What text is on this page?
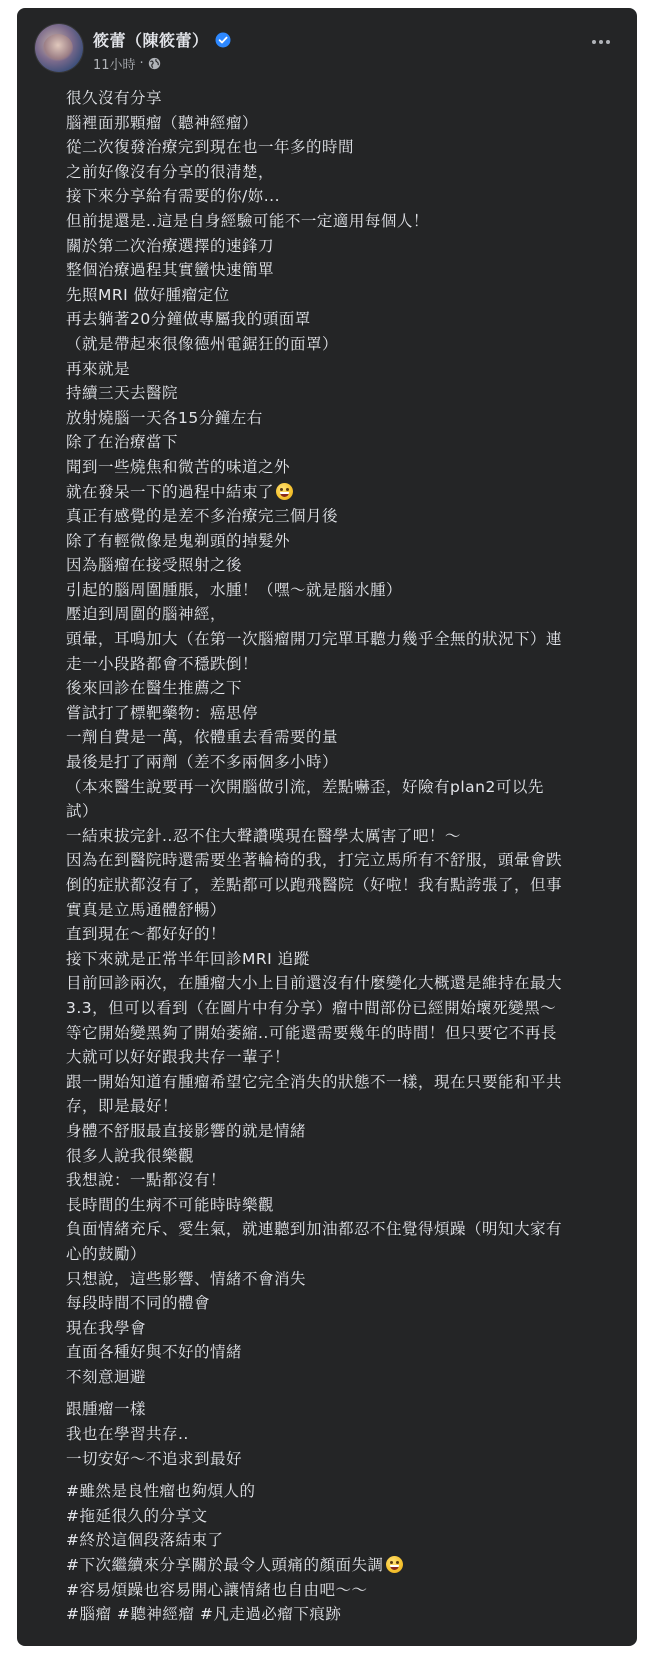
筱蕾（陳筱蕾）
11小時 ·
很久沒有分享
腦裡面那顆瘤（聽神經瘤）
從二次復發治療完到現在也一年多的時間
之前好像沒有分享的很清楚，
接下來分享給有需要的你/妳...
但前提還是..這是自身經驗可能不一定適用每個人！
關於第二次治療選擇的速鋒刀
整個治療過程其實蠻快速簡單
先照MRI 做好腫瘤定位
再去躺著20分鐘做專屬我的頭面罩
（就是帶起來很像德州電鋸狂的面罩）
再來就是
持續三天去醫院
放射燒腦一天各15分鐘左右
除了在治療當下
聞到一些燒焦和微苦的味道之外
就在發呆一下的過程中結束了
真正有感覺的是差不多治療完三個月後
除了有輕微像是鬼剃頭的掉髮外
因為腦瘤在接受照射之後
引起的腦周圍腫脹，水腫！（嘿～就是腦水腫）
壓迫到周圍的腦神經，
頭暈，耳鳴加大（在第一次腦瘤開刀完單耳聽力幾乎全無的狀況下）連
走一小段路都會不穩跌倒！
後來回診在醫生推薦之下
嘗試打了標靶藥物：癌思停
一劑自費是一萬，依體重去看需要的量
最後是打了兩劑（差不多兩個多小時）
（本來醫生說要再一次開腦做引流，差點嚇歪，好險有plan2可以先
試）
一結束拔完針..忍不住大聲讚嘆現在醫學太厲害了吧！～
因為在到醫院時還需要坐著輪椅的我，打完立馬所有不舒服，頭暈會跌
倒的症狀都沒有了，差點都可以跑飛醫院（好啦！我有點誇張了，但事
實真是立馬通體舒暢）
直到現在～都好好的！
接下來就是正常半年回診MRI 追蹤
目前回診兩次，在腫瘤大小上目前還沒有什麼變化大概還是維持在最大
3.3，但可以看到（在圖片中有分享）瘤中間部份已經開始壞死變黑～
等它開始變黑夠了開始萎縮..可能還需要幾年的時間！但只要它不再長
大就可以好好跟我共存一輩子！
跟一開始知道有腫瘤希望它完全消失的狀態不一樣，現在只要能和平共
存，即是最好！
身體不舒服最直接影響的就是情緒
很多人說我很樂觀
我想說：一點都沒有！
長時間的生病不可能時時樂觀
負面情緒充斥、愛生氣，就連聽到加油都忍不住覺得煩躁（明知大家有
心的鼓勵）
只想說，這些影響、情緒不會消失
每段時間不同的體會
現在我學會
直面各種好與不好的情緒
不刻意迴避
跟腫瘤一樣
我也在學習共存..
一切安好～不追求到最好
#雖然是良性瘤也夠煩人的
#拖延很久的分享文
#終於這個段落結束了
#下次繼續來分享關於最令人頭痛的顏面失調
#容易煩躁也容易開心讓情緒也自由吧～～
#腦瘤 #聽神經瘤 #凡走過必瘤下痕跡
